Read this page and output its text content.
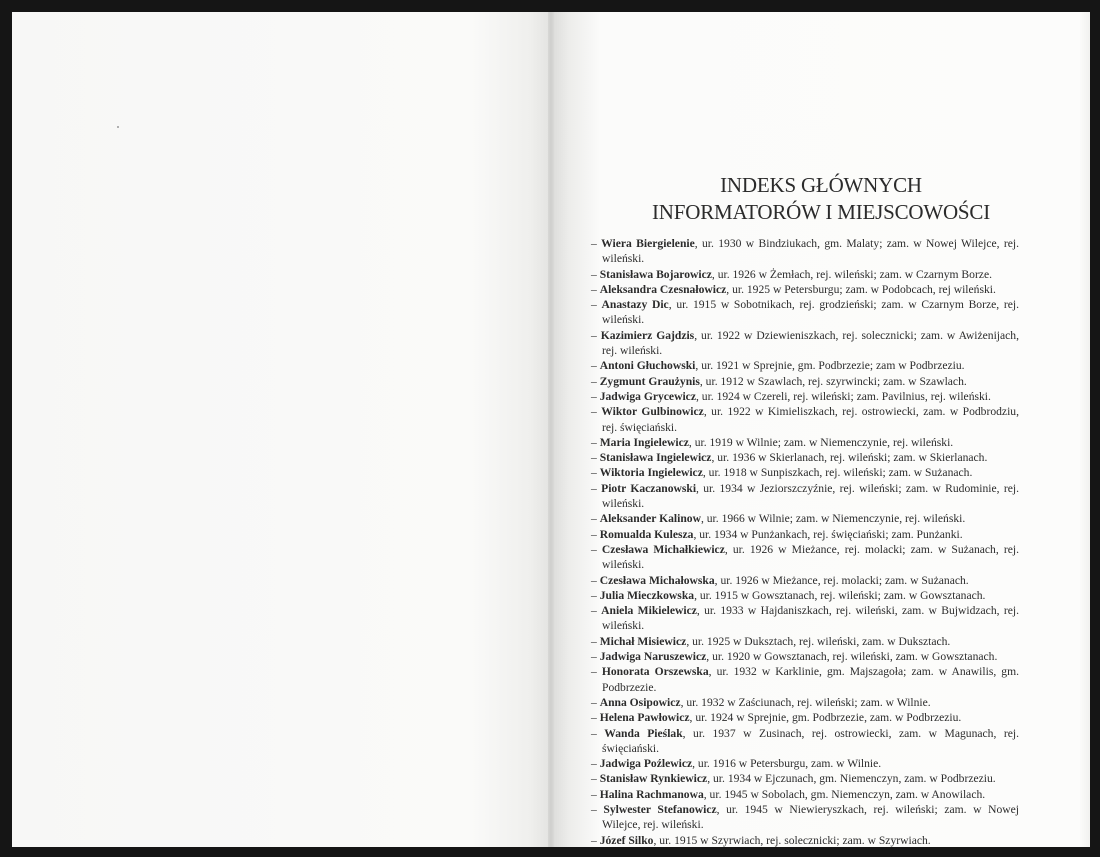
INDEKS GŁÓWNYCH
INFORMATORÓW I MIEJSCOWOŚCI

– Wiera Biergielenie, ur. 1930 w Bindziukach, gm. Malaty; zam. w Nowej Wilejce, rej. wileński.

– Stanisława Bojarowicz, ur. 1926 w Żemłach, rej. wileński; zam. w Czarnym Borze.

– Aleksandra Czesnałowicz, ur. 1925 w Petersburgu; zam. w Podobcach, rej wileński.

– Anastazy Dic, ur. 1915 w Sobotnikach, rej. grodzieński; zam. w Czarnym Borze, rej. wileński.

– Kazimierz Gajdzis, ur. 1922 w Dziewieniszkach, rej. solecznicki; zam. w Awiżenijach, rej. wileński.

– Antoni Głuchowski, ur. 1921 w Sprejnie, gm. Podbrzezie; zam w Podbrzeziu.

– Zygmunt Graużynis, ur. 1912 w Szawlach, rej. szyrwincki; zam. w Szawlach.

– Jadwiga Grycewicz, ur. 1924 w Czereli, rej. wileński; zam. Pavilnius, rej. wileński.

– Wiktor Gulbinowicz, ur. 1922 w Kimieliszkach, rej. ostrowiecki, zam. w Podbrodziu, rej. święciański.

– Maria Ingielewicz, ur. 1919 w Wilnie; zam. w Niemenczynie, rej. wileński.

– Stanisława Ingielewicz, ur. 1936 w Skierlanach, rej. wileński; zam. w Skierlanach.

– Wiktoria Ingielewicz, ur. 1918 w Sunpiszkach, rej. wileński; zam. w Sużanach.

– Piotr Kaczanowski, ur. 1934 w Jeziorszczyźnie, rej. wileński; zam. w Rudominie, rej. wileński.

– Aleksander Kalinow, ur. 1966 w Wilnie; zam. w Niemenczynie, rej. wileński.

– Romualda Kulesza, ur. 1934 w Punżankach, rej. święciański; zam. Punżanki.

– Czesława Michałkiewicz, ur. 1926 w Mieżance, rej. molacki; zam. w Sużanach, rej. wileński.

– Czesława Michałowska, ur. 1926 w Mieżance, rej. molacki; zam. w Sużanach.

– Julia Mieczkowska, ur. 1915 w Gowsztanach, rej. wileński; zam. w Gowsztanach.

– Aniela Mikielewicz, ur. 1933 w Hajdaniszkach, rej. wileński, zam. w Bujwidzach, rej. wileński.

– Michał Misiewicz, ur. 1925 w Duksztach, rej. wileński, zam. w Duksztach.

– Jadwiga Naruszewicz, ur. 1920 w Gowsztanach, rej. wileński, zam. w Gowsztanach.

– Honorata Orszewska, ur. 1932 w Karklinie, gm. Majszagoła; zam. w Anawilis, gm. Podbrzezie.

– Anna Osipowicz, ur. 1932 w Zaściunach, rej. wileński; zam. w Wilnie.

– Helena Pawłowicz, ur. 1924 w Sprejnie, gm. Podbrzezie, zam. w Podbrzeziu.

– Wanda Pieślak, ur. 1937 w Zusinach, rej. ostrowiecki, zam. w Magunach, rej. święciański.

– Jadwiga Poźlewicz, ur. 1916 w Petersburgu, zam. w Wilnie.

– Stanisław Rynkiewicz, ur. 1934 w Ejczunach, gm. Niemenczyn, zam. w Podbrzeziu.

– Halina Rachmanowa, ur. 1945 w Sobolach, gm. Niemenczyn, zam. w Anowilach.

– Sylwester Stefanowicz, ur. 1945 w Niewieryszkach, rej. wileński; zam. w Nowej Wilejce, rej. wileński.

– Józef Silko, ur. 1915 w Szyrwiach, rej. solecznicki; zam. w Szyrwiach.
